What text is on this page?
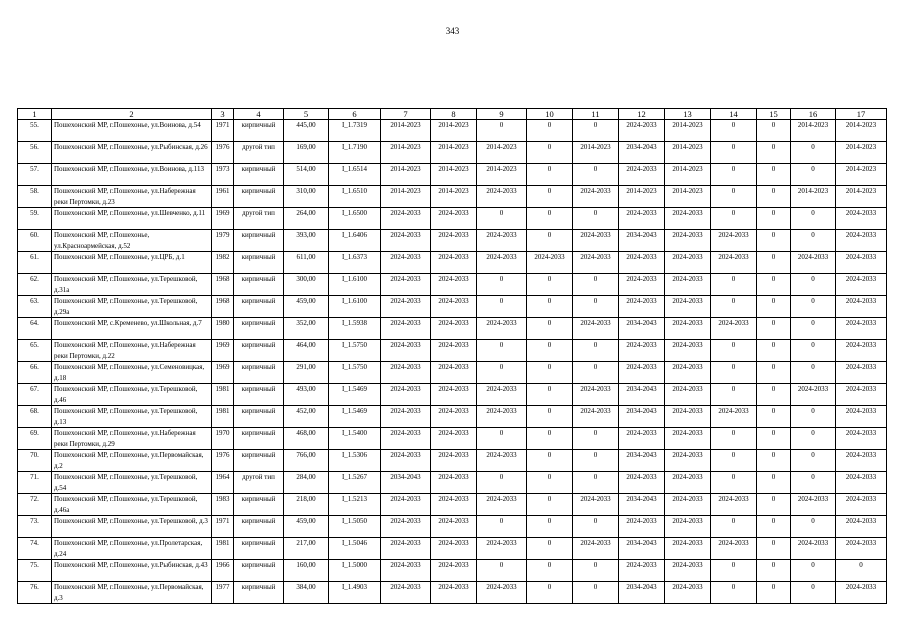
343
1	2	3	4	5	6	7	8	9	10	11	12	13	14	15	16	17
55.	Пошехонский МР, г.Пошехонье, ул.Воинова, д.54	1971	кирпичный	445,00	I_1.7319	2014-2023	2014-2023	0	0	0	2024-2033	2014-2023	0	0	2014-2023	2014-2023
56.	Пошехонский МР, г.Пошехонье, ул.Рыбинская, д.26	1976	другой тип	169,00	I_1.7190	2014-2023	2014-2023	2014-2023	0	2014-2023	2034-2043	2014-2023	0	0	0	2014-2023
57.	Пошехонский МР, г.Пошехонье, ул.Воинова, д.113	1973	кирпичный	514,00	I_1.6514	2014-2023	2014-2023	2014-2023	0	0	2024-2033	2014-2023	0	0	0	2014-2023
58.	Пошехонский МР, г.Пошехонье, ул.Набережная реки Пертомки, д.23	1961	кирпичный	310,00	I_1.6510	2014-2023	2014-2023	2024-2033	0	2024-2033	2014-2023	2014-2023	0	0	2014-2023	2014-2023
59.	Пошехонский МР, г.Пошехонье, ул.Шевченко, д.11	1969	другой тип	264,00	I_1.6500	2024-2033	2024-2033	0	0	0	2024-2033	2024-2033	0	0	0	2024-2033
60.	Пошехонский МР, г.Пошехонье, ул.Красноармейская, д.52	1979	кирпичный	393,00	I_1.6406	2024-2033	2024-2033	2024-2033	0	2024-2033	2034-2043	2024-2033	2024-2033	0	0	2024-2033
61.	Пошехонский МР, г.Пошехонье, ул.ЦРБ, д.1	1982	кирпичный	611,00	I_1.6373	2024-2033	2024-2033	2024-2033	2024-2033	2024-2033	2024-2033	2024-2033	2024-2033	0	2024-2033	2024-2033
62.	Пошехонский МР, г.Пошехонье, ул.Терешковой, д.31а	1968	кирпичный	300,00	I_1.6100	2024-2033	2024-2033	0	0	0	2024-2033	2024-2033	0	0	0	2024-2033
63.	Пошехонский МР, г.Пошехонье, ул.Терешковой, д.29а	1968	кирпичный	459,00	I_1.6100	2024-2033	2024-2033	0	0	0	2024-2033	2024-2033	0	0	0	2024-2033
64.	Пошехонский МР, с.Кременево, ул.Школьная, д.7	1980	кирпичный	352,00	I_1.5938	2024-2033	2024-2033	2024-2033	0	2024-2033	2034-2043	2024-2033	2024-2033	0	0	2024-2033
65.	Пошехонский МР, г.Пошехонье, ул.Набережная реки Пертомки, д.22	1969	кирпичный	464,00	I_1.5750	2024-2033	2024-2033	0	0	0	2024-2033	2024-2033	0	0	0	2024-2033
66.	Пошехонский МР, г.Пошехонье, ул.Семеновицкая, д.18	1969	кирпичный	291,00	I_1.5750	2024-2033	2024-2033	0	0	0	2024-2033	2024-2033	0	0	0	2024-2033
67.	Пошехонский МР, г.Пошехонье, ул.Терешковой, д.46	1981	кирпичный	493,00	I_1.5469	2024-2033	2024-2033	2024-2033	0	2024-2033	2034-2043	2024-2033	0	0	2024-2033	2024-2033
68.	Пошехонский МР, г.Пошехонье, ул.Терешковой, д.13	1981	кирпичный	452,00	I_1.5469	2024-2033	2024-2033	2024-2033	0	2024-2033	2034-2043	2024-2033	2024-2033	0	0	2024-2033
69.	Пошехонский МР, г.Пошехонье, ул.Набережная реки Пертомки, д.29	1970	кирпичный	468,00	I_1.5400	2024-2033	2024-2033	0	0	0	2024-2033	2024-2033	0	0	0	2024-2033
70.	Пошехонский МР, г.Пошехонье, ул.Первомайская, д.2	1976	кирпичный	766,00	I_1.5306	2024-2033	2024-2033	2024-2033	0	0	2034-2043	2024-2033	0	0	0	2024-2033
71.	Пошехонский МР, г.Пошехонье, ул.Терешковой, д.54	1964	другой тип	284,00	I_1.5267	2034-2043	2024-2033	0	0	0	2024-2033	2024-2033	0	0	0	2024-2033
72.	Пошехонский МР, г.Пошехонье, ул.Терешковой, д.46а	1983	кирпичный	218,00	I_1.5213	2024-2033	2024-2033	2024-2033	0	2024-2033	2034-2043	2024-2033	2024-2033	0	2024-2033	2024-2033
73.	Пошехонский МР, г.Пошехонье, ул.Терешковой, д.3	1971	кирпичный	459,00	I_1.5050	2024-2033	2024-2033	0	0	0	2024-2033	2024-2033	0	0	0	2024-2033
74.	Пошехонский МР, г.Пошехонье, ул.Пролетарская, д.24	1981	кирпичный	217,00	I_1.5046	2024-2033	2024-2033	2024-2033	0	2024-2033	2034-2043	2024-2033	2024-2033	0	2024-2033	2024-2033
75.	Пошехонский МР, г.Пошехонье, ул.Рыбинская, д.43	1966	кирпичный	160,00	I_1.5000	2024-2033	2024-2033	0	0	0	2024-2033	2024-2033	0	0	0	0
76.	Пошехонский МР, г.Пошехонье, ул.Первомайская, д.3	1977	кирпичный	384,00	I_1.4903	2024-2033	2024-2033	2024-2033	0	0	2034-2043	2024-2033	0	0	0	2024-2033
